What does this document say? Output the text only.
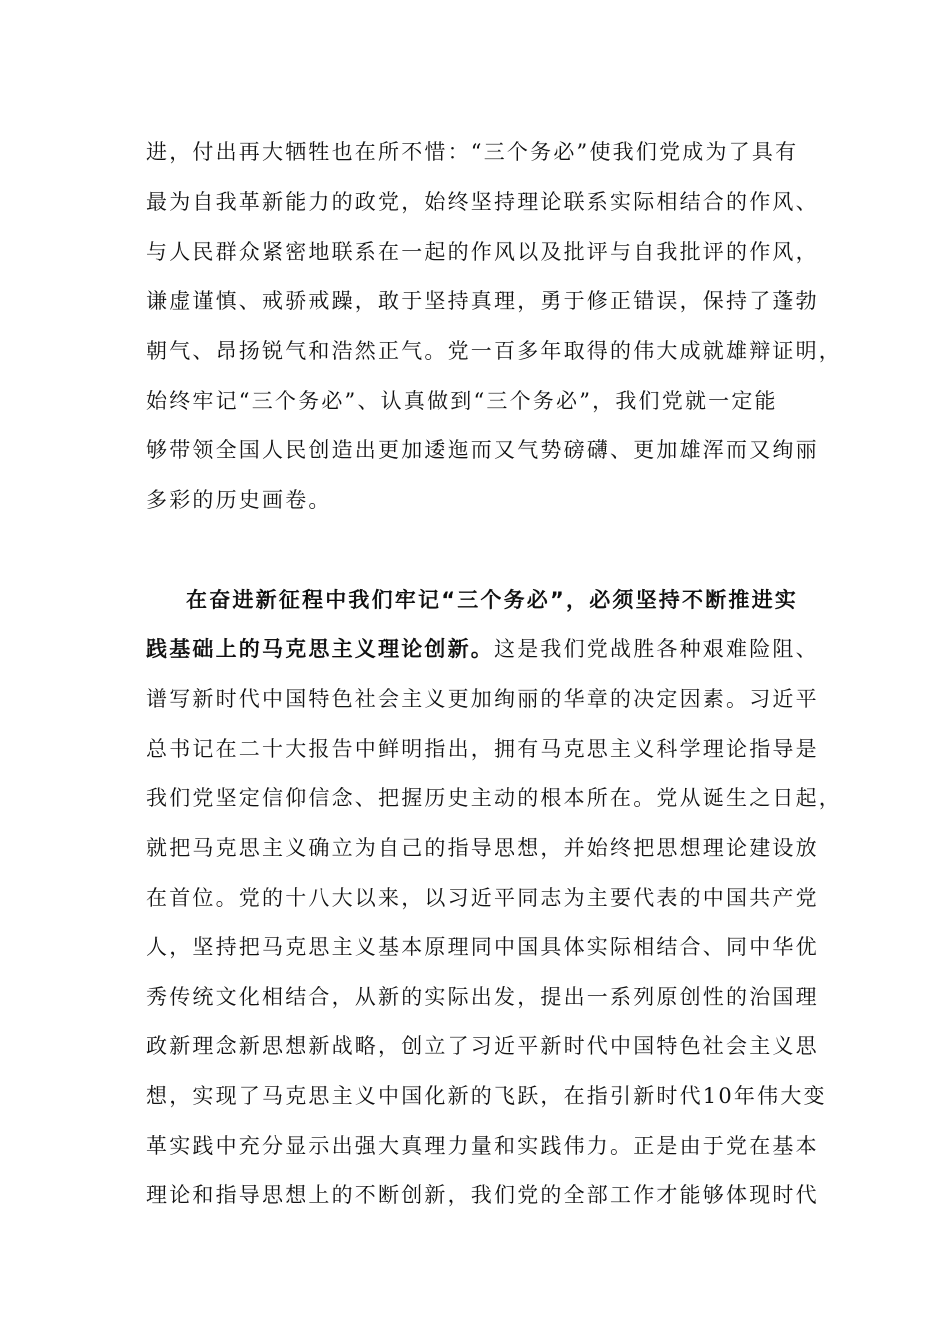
进，付出再大牺牲也在所不惜：“三个务必”使我们党成为了具有
最为自我革新能力的政党，始终坚持理论联系实际相结合的作风、
与人民群众紧密地联系在一起的作风以及批评与自我批评的作风，
谦虚谨慎、戒骄戒躁，敢于坚持真理，勇于修正错误，保持了蓬勃
朝气、昂扬锐气和浩然正气。党一百多年取得的伟大成就雄辩证明，
始终牢记“三个务必”、认真做到“三个务必”，我们党就一定能
够带领全国人民创造出更加逶迤而又气势磅礴、更加雄浑而又绚丽
多彩的历史画卷。
在奋进新征程中我们牢记“三个务必”，必须坚持不断推进实
践基础上的马克思主义理论创新。这是我们党战胜各种艰难险阻、
谱写新时代中国特色社会主义更加绚丽的华章的决定因素。习近平
总书记在二十大报告中鲜明指出，拥有马克思主义科学理论指导是
我们党坚定信仰信念、把握历史主动的根本所在。党从诞生之日起，
就把马克思主义确立为自己的指导思想，并始终把思想理论建设放
在首位。党的十八大以来，以习近平同志为主要代表的中国共产党
人，坚持把马克思主义基本原理同中国具体实际相结合、同中华优
秀传统文化相结合，从新的实际出发，提出一系列原创性的治国理
政新理念新思想新战略，创立了习近平新时代中国特色社会主义思
想，实现了马克思主义中国化新的飞跃，在指引新时代10年伟大变
革实践中充分显示出强大真理力量和实践伟力。正是由于党在基本
理论和指导思想上的不断创新，我们党的全部工作才能够体现时代
